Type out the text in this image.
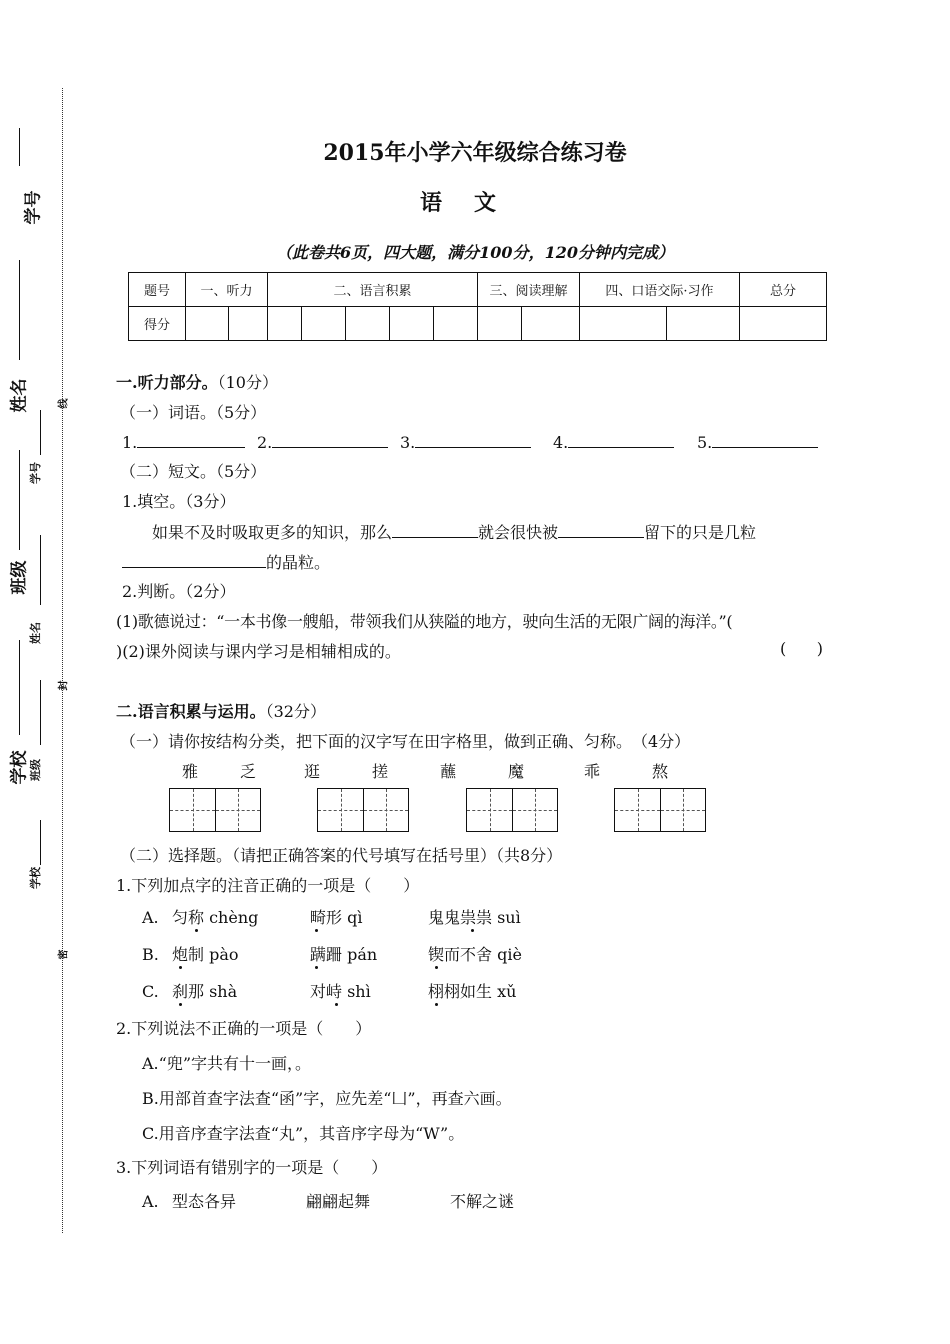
学号
姓名
班级
学校
学号
姓名
班级
学校
线
封
密
2015年小学六年级综合练习卷
语文
（此卷共6页，四大题，满分100分，120分钟内完成）
题号	一、听力		二、语言积累					三、阅读理解		四、口语交际·习作		总分
得分												
一.听力部分。（10分）
（一）词语。（5分）
1.	2.	3.	4.	5.
（二）短文。（5分）
1.填空。（3分）
如果不及时吸取更多的知识，那么	就会很快被	留下的只是几粒
的晶粒。
2.判断。（2分）
(1)歌德说过：“一本书像一艘船，带领我们从狭隘的地方，驶向生活的无限广阔的海洋。”(
)(2)课外阅读与课内学习是相辅相成的。	(      )
二.语言积累与运用。（32分）
（一）请你按结构分类，把下面的汉字写在田字格里，做到正确、匀称。　（4分）
雅	乏	逛	搓	蘸	魔	乖	熬
（二）选择题。（请把正确答案的代号填写在括号里）（共8分）
1.下列加点字的注音正确的一项是（　　）
A. 匀称 chèng	畸形 qì	鬼鬼祟祟 suì
B. 炮制 pào	蹒跚 pán	锲而不舍 qiè
C. 刹那 shà	对峙 shì	栩栩如生 xǔ
2.下列说法不正确的一项是（　　）
A.“兜”字共有十一画，。
B.用部首查字法查“函”字，应先差“凵”，再查六画。
C.用音序查字法查“丸”，其音序字母为“W”。
3.下列词语有错别字的一项是（　　）
A. 型态各异	翩翩起舞	不解之谜
